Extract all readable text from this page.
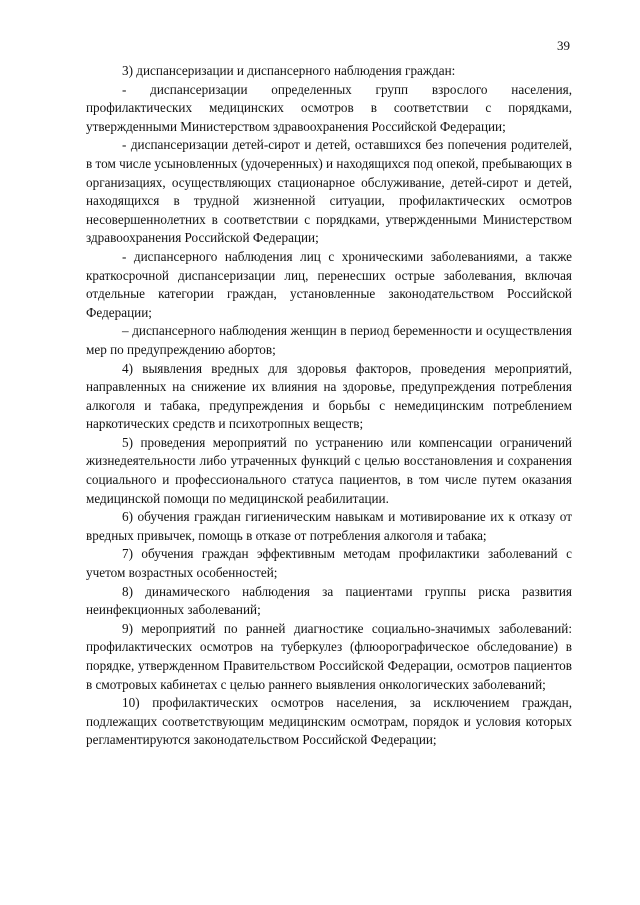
39

3) диспансеризации и диспансерного наблюдения граждан:

- диспансеризации определенных групп взрослого населения, профилактических медицинских осмотров в соответствии с порядками, утвержденными Министерством здравоохранения Российской Федерации;

- диспансеризации детей-сирот и детей, оставшихся без попечения родителей, в том числе усыновленных (удочеренных) и находящихся под опекой, пребывающих в организациях, осуществляющих стационарное обслуживание, детей-сирот и детей, находящихся в трудной жизненной ситуации, профилактических осмотров несовершеннолетних в соответствии с порядками, утвержденными Министерством здравоохранения Российской Федерации;

- диспансерного наблюдения лиц с хроническими заболеваниями, а также краткосрочной диспансеризации лиц, перенесших острые заболевания, включая отдельные категории граждан, установленные законодательством Российской Федерации;

– диспансерного наблюдения женщин в период беременности и осуществления мер по предупреждению абортов;

4) выявления вредных для здоровья факторов, проведения мероприятий, направленных на снижение их влияния на здоровье, предупреждения потребления алкоголя и табака, предупреждения и борьбы с немедицинским потреблением наркотических средств и психотропных веществ;

5) проведения мероприятий по устранению или компенсации ограничений жизнедеятельности либо утраченных функций с целью восстановления и сохранения социального и профессионального статуса пациентов, в том числе путем оказания медицинской помощи по медицинской реабилитации.

6) обучения граждан гигиеническим навыкам и мотивирование их к отказу от вредных привычек, помощь в отказе от потребления алкоголя и табака;

7) обучения граждан эффективным методам профилактики заболеваний с учетом возрастных особенностей;

8) динамического наблюдения за пациентами группы риска развития неинфекционных заболеваний;

9) мероприятий по ранней диагностике социально-значимых заболеваний: профилактических осмотров на туберкулез (флюорографическое обследование) в порядке, утвержденном Правительством Российской Федерации, осмотров пациентов в смотровых кабинетах с целью раннего выявления онкологических заболеваний;

10) профилактических осмотров населения, за исключением граждан, подлежащих соответствующим медицинским осмотрам, порядок и условия которых регламентируются законодательством Российской Федерации;
